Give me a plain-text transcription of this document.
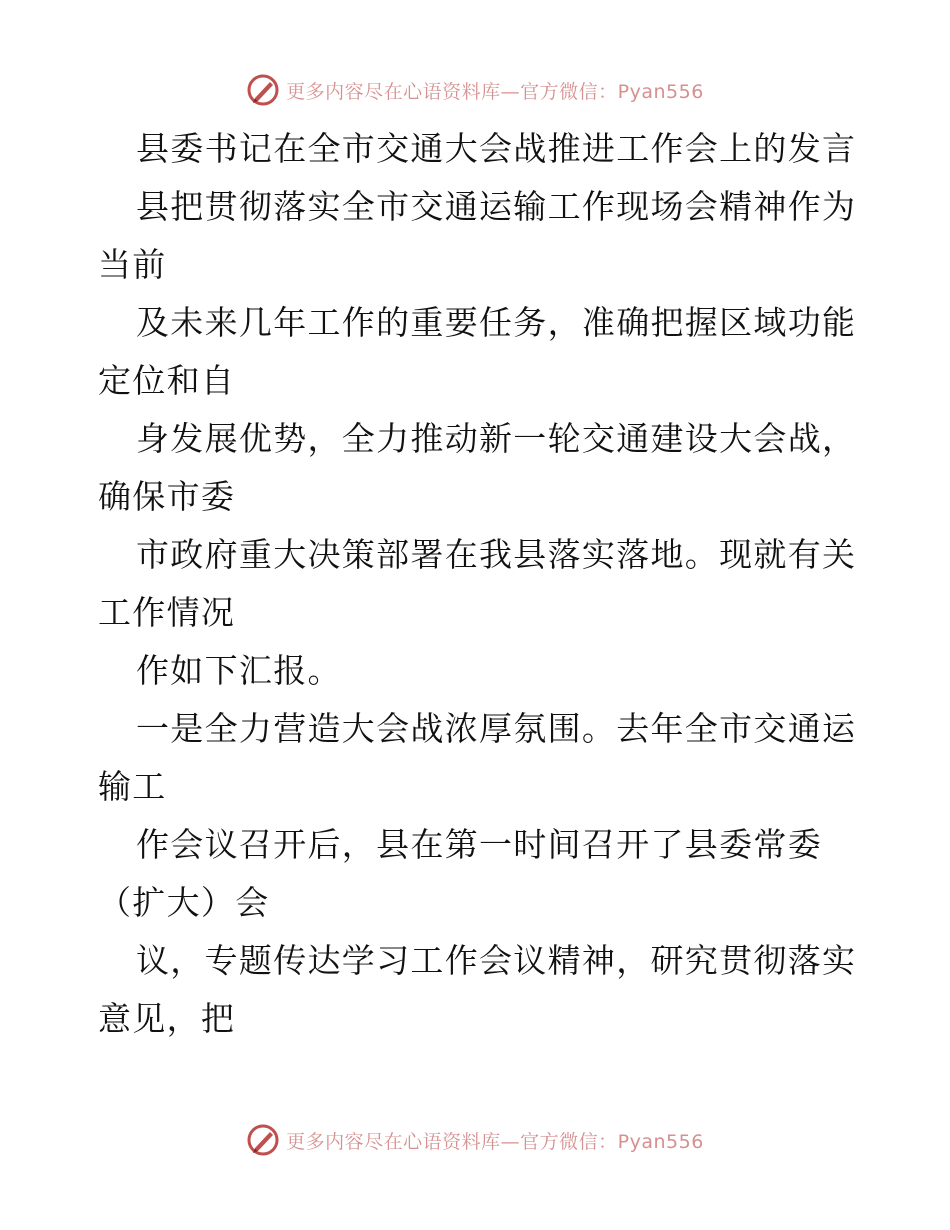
更多内容尽在心语资料库—官方微信：Pyan556
县委书记在全市交通大会战推进工作会上的发言
县把贯彻落实全市交通运输工作现场会精神作为
当前
及未来几年工作的重要任务，准确把握区域功能
定位和自
身发展优势，全力推动新一轮交通建设大会战，
确保市委
市政府重大决策部署在我县落实落地。现就有关
工作情况
作如下汇报。
一是全力营造大会战浓厚氛围。去年全市交通运
输工
作会议召开后，县在第一时间召开了县委常委
（扩大）会
议，专题传达学习工作会议精神，研究贯彻落实
意见，把
更多内容尽在心语资料库—官方微信：Pyan556
